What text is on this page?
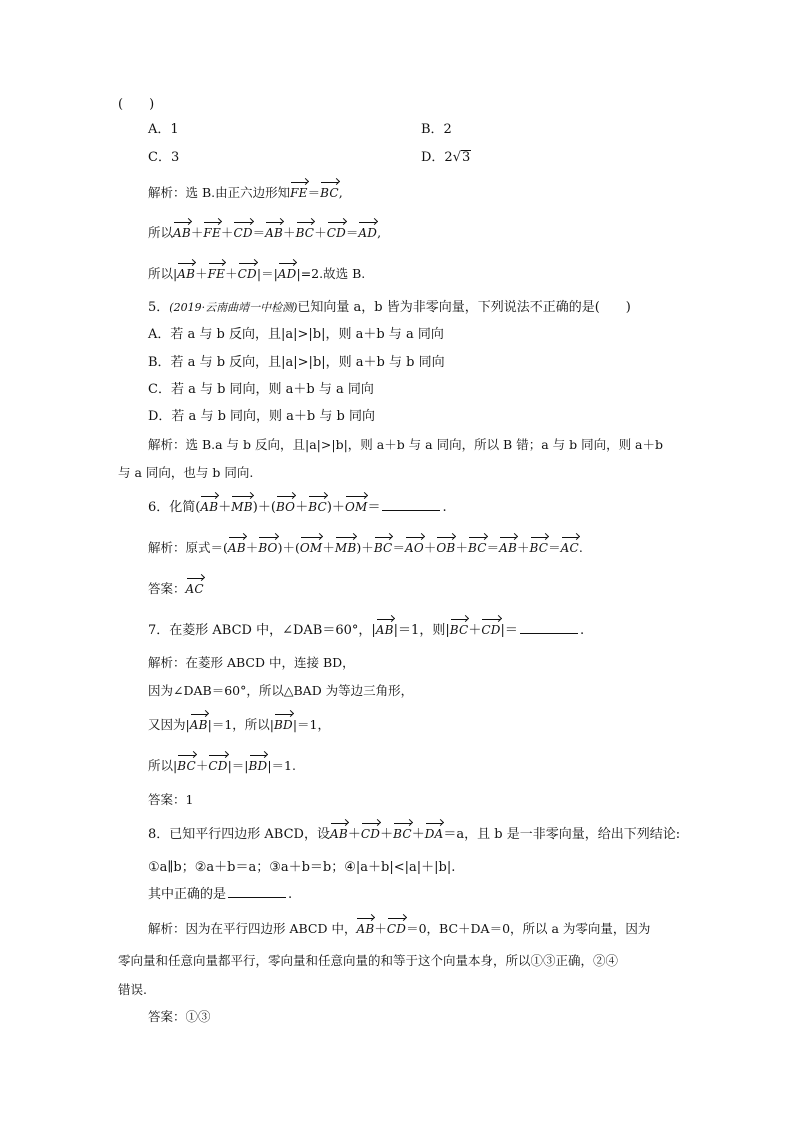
(　　)
A．1	B．2
C．3	D．2√3
解析：选 B.由正六边形知FE＝BC,
所以AB＋FE＋CD＝AB＋BC＋CD＝AD,
所以|AB＋FE＋CD|＝|AD|=2.故选 B.
5．(2019·云南曲靖一中检测)已知向量 a，b 皆为非零向量，下列说法不正确的是(　　)
A．若 a 与 b 反向，且|a|>|b|，则 a＋b 与 a 同向
B．若 a 与 b 反向，且|a|>|b|，则 a＋b 与 b 同向
C．若 a 与 b 同向，则 a＋b 与 a 同向
D．若 a 与 b 同向，则 a＋b 与 b 同向
解析：选 B.a 与 b 反向，且|a|>|b|，则 a＋b 与 a 同向，所以 B 错；a 与 b 同向，则 a＋b
与 a 同向，也与 b 同向.
6．化简(AB＋MB)＋(BO＋BC)＋OM＝	.
解析：原式＝(AB＋BO)＋(OM＋MB)＋BC＝AO＋OB＋BC＝AB＋BC＝AC.
答案：AC
7．在菱形 ABCD 中，∠DAB＝60°，|AB|＝1，则|BC＋CD|＝	.
解析：在菱形 ABCD 中，连接 BD，
因为∠DAB＝60°，所以△BAD 为等边三角形，
又因为|AB|＝1，所以|BD|＝1，
所以|BC＋CD|＝|BD|＝1.
答案：1
8．已知平行四边形 ABCD，设AB＋CD＋BC＋DA＝a，且 b 是一非零向量，给出下列结论:
①a∥b；②a＋b＝a；③a＋b＝b；④|a＋b|<|a|＋|b|.
其中正确的是	.
解析：因为在平行四边形 ABCD 中，AB＋CD＝0，BC＋DA＝0，所以 a 为零向量，因为
零向量和任意向量都平行，零向量和任意向量的和等于这个向量本身，所以①③正确，②④
错误.
答案：①③
